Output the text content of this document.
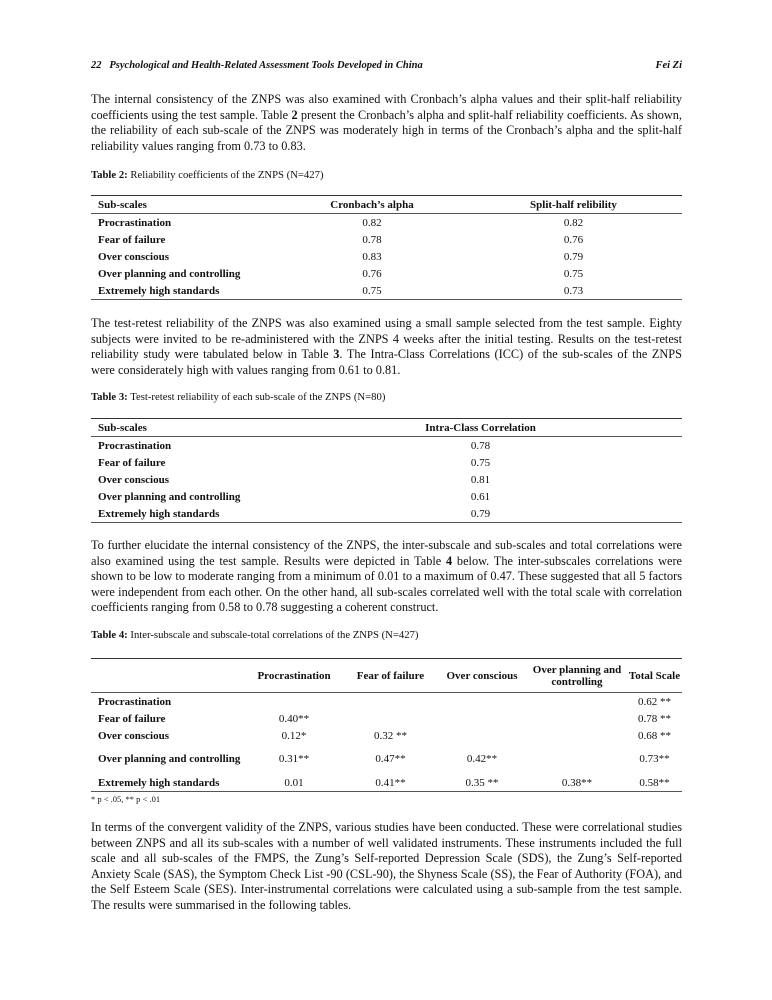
22 Psychological and Health-Related Assessment Tools Developed in China	Fei Zi

The internal consistency of the ZNPS was also examined with Cronbach’s alpha values and their split-half reliability coefficients using the test sample. Table 2 present the Cronbach’s alpha and split-half reliability coefficients. As shown, the reliability of each sub-scale of the ZNPS was moderately high in terms of the Cronbach’s alpha and the split-half reliability values ranging from 0.73 to 0.83.

Table 2: Reliability coefficients of the ZNPS (N=427)

Sub-scales	Cronbach’s alpha	Split-half relibility
Procrastination	0.82	0.82
Fear of failure	0.78	0.76
Over conscious	0.83	0.79
Over planning and controlling	0.76	0.75
Extremely high standards	0.75	0.73

The test-retest reliability of the ZNPS was also examined using a small sample selected from the test sample. Eighty subjects were invited to be re-administered with the ZNPS 4 weeks after the initial testing. Results on the test-retest reliability study were tabulated below in Table 3. The Intra-Class Correlations (ICC) of the sub-scales of the ZNPS were considerately high with values ranging from 0.61 to 0.81.

Table 3: Test-retest reliability of each sub-scale of the ZNPS (N=80)

Sub-scales	Intra-Class Correlation
Procrastination	0.78
Fear of failure	0.75
Over conscious	0.81
Over planning and controlling	0.61
Extremely high standards	0.79

To further elucidate the internal consistency of the ZNPS, the inter-subscale and sub-scales and total correlations were also examined using the test sample. Results were depicted in Table 4 below. The inter-subscales correlations were shown to be low to moderate ranging from a minimum of 0.01 to a maximum of 0.47. These suggested that all 5 factors were independent from each other. On the other hand, all sub-scales correlated well with the total scale with correlation coefficients ranging from 0.58 to 0.78 suggesting a coherent construct.

Table 4: Inter-subscale and subscale-total correlations of the ZNPS (N=427)

	Procrastination	Fear of failure	Over conscious	Over planning and controlling	Total Scale
Procrastination					0.62 **
Fear of failure	0.40**				0.78 **
Over conscious	0.12*	0.32 **			0.68 **
Over planning and controlling	0.31**	0.47**	0.42**		0.73**
Extremely high standards	0.01	0.41**	0.35 **	0.38**	0.58**

* p < .05, ** p < .01

In terms of the convergent validity of the ZNPS, various studies have been conducted. These were correlational studies between ZNPS and all its sub-scales with a number of well validated instruments. These instruments included the full scale and all sub-scales of the FMPS, the Zung’s Self-reported Depression Scale (SDS), the Zung’s Self-reported Anxiety Scale (SAS), the Symptom Check List -90 (CSL-90), the Shyness Scale (SS), the Fear of Authority (FOA), and the Self Esteem Scale (SES). Inter-instrumental correlations were calculated using a sub-sample from the test sample. The results were summarised in the following tables.
